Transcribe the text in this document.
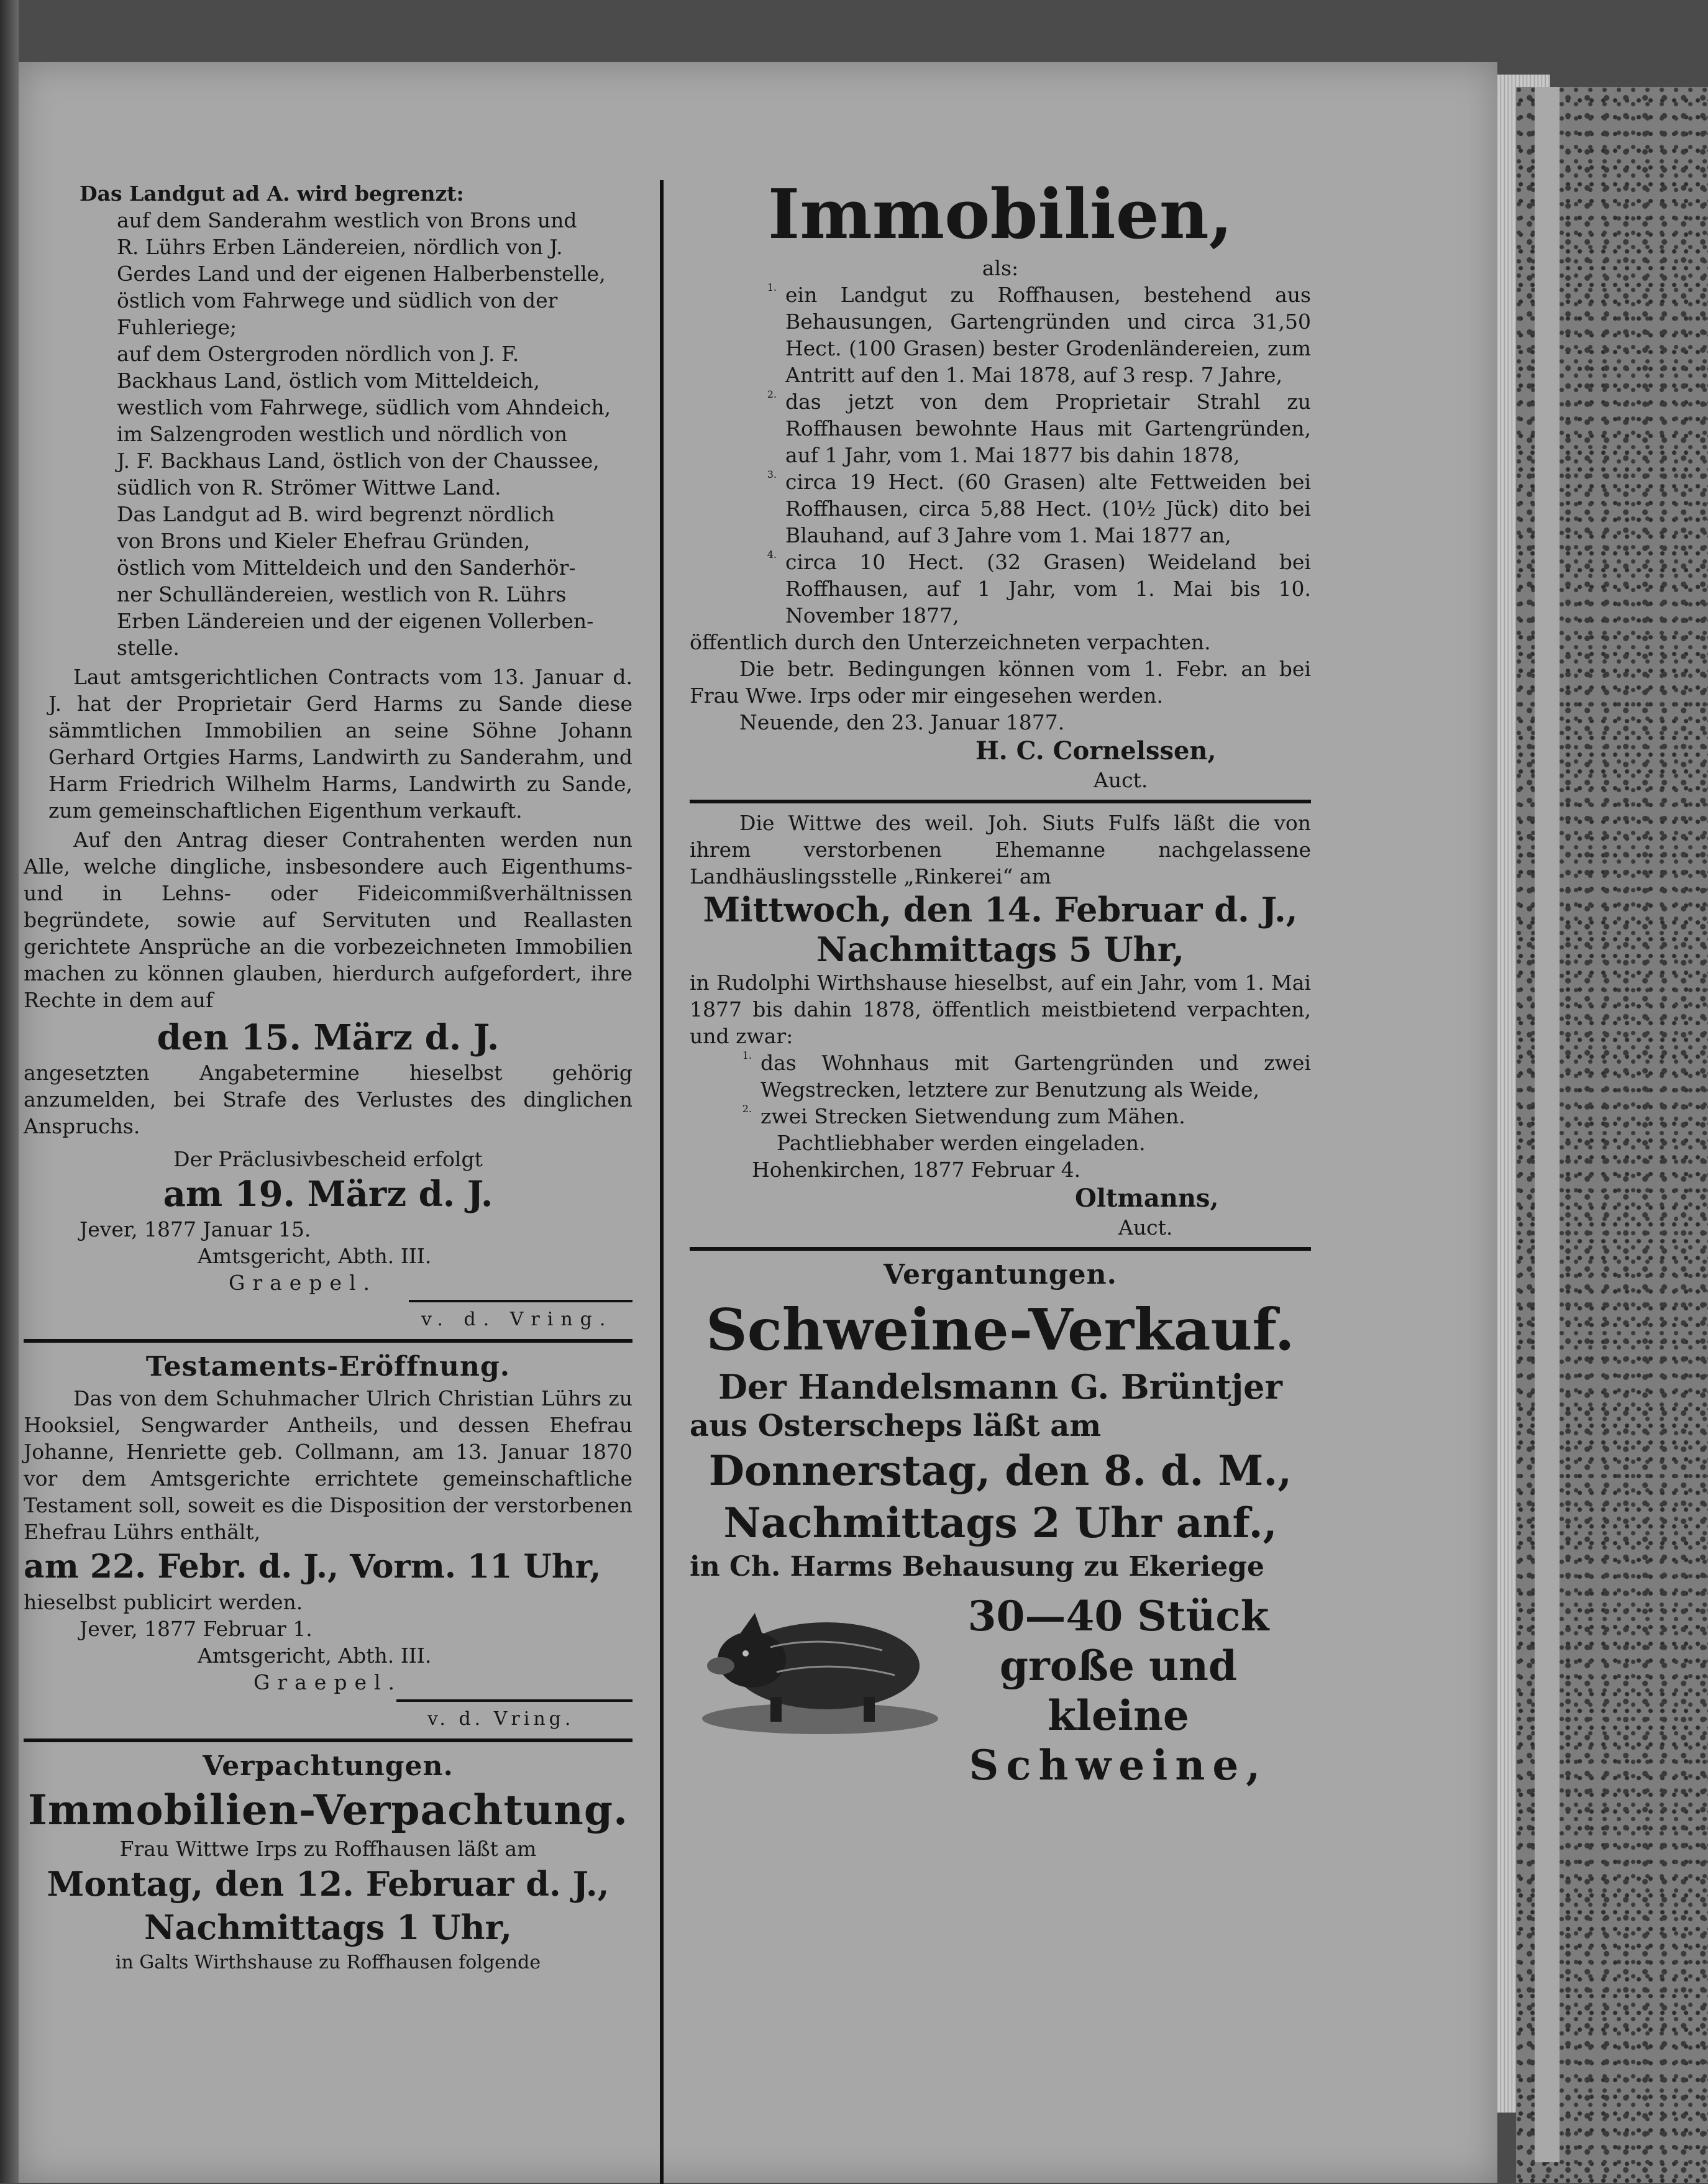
Das Landgut ad A. wird begrenzt:

auf dem Sanderahm westlich von Brons und

R. Lührs Erben Ländereien, nördlich von J.

Gerdes Land und der eigenen Halberbenstelle,

östlich vom Fahrwege und südlich von der

Fuhleriege;

auf dem Ostergroden nördlich von J. F.

Backhaus Land, östlich vom Mitteldeich,

westlich vom Fahrwege, südlich vom Ahndeich,

im Salzengroden westlich und nördlich von

J. F. Backhaus Land, östlich von der Chaussee,

südlich von R. Strömer Wittwe Land.

Das Landgut ad B. wird begrenzt nördlich

von Brons und Kieler Ehefrau Gründen,

östlich vom Mitteldeich und den Sanderhör-

ner Schulländereien, westlich von R. Lührs

Erben Ländereien und der eigenen Vollerben-

stelle.

Laut amtsgerichtlichen Contracts vom 13. Januar d. J. hat der Proprietair Gerd Harms zu Sande diese sämmtlichen Immobilien an seine Söhne Johann Gerhard Ortgies Harms, Landwirth zu Sanderahm, und Harm Friedrich Wilhelm Harms, Landwirth zu Sande, zum gemeinschaftlichen Eigenthum verkauft.

Auf den Antrag dieser Contrahenten werden nun Alle, welche dingliche, insbesondere auch Eigenthums- und in Lehns- oder Fideicommißverhältnissen begründete, sowie auf Servituten und Reallasten gerichtete Ansprüche an die vorbezeichneten Immobilien machen zu können glauben, hierdurch aufgefordert, ihre Rechte in dem auf

den 15. März d. J.

angesetzten Angabetermine hieselbst gehörig anzumelden, bei Strafe des Verlustes des dinglichen Anspruchs.

Der Präclusivbescheid erfolgt

am 19. März d. J.

Jever, 1877 Januar 15.

Amtsgericht, Abth. III.

Graepel.

v. d. Vring.

Testaments-Eröffnung.

Das von dem Schuhmacher Ulrich Christian Lührs zu Hooksiel, Sengwarder Antheils, und dessen Ehefrau Johanne, Henriette geb. Collmann, am 13. Januar 1870 vor dem Amtsgerichte errichtete gemeinschaftliche Testament soll, soweit es die Disposition der verstorbenen Ehefrau Lührs enthält,

am 22. Febr. d. J., Vorm. 11 Uhr,

hieselbst publicirt werden.

Jever, 1877 Februar 1.

Amtsgericht, Abth. III.

Graepel.

v. d. Vring.

Verpachtungen.

Immobilien-Verpachtung.

Frau Wittwe Irps zu Roffhausen läßt am

Montag, den 12. Februar d. J.,

Nachmittags 1 Uhr,

in Galts Wirthshause zu Roffhausen folgende

Immobilien,

als:

1. ein Landgut zu Roffhausen, bestehend aus Behausungen, Gartengründen und circa 31,50 Hect. (100 Grasen) bester Grodenländereien, zum Antritt auf den 1. Mai 1878, auf 3 resp. 7 Jahre,

2. das jetzt von dem Proprietair Strahl zu Roffhausen bewohnte Haus mit Gartengründen, auf 1 Jahr, vom 1. Mai 1877 bis dahin 1878,

3. circa 19 Hect. (60 Grasen) alte Fettweiden bei Roffhausen, circa 5,88 Hect. (10½ Jück) dito bei Blauhand, auf 3 Jahre vom 1. Mai 1877 an,

4. circa 10 Hect. (32 Grasen) Weideland bei Roffhausen, auf 1 Jahr, vom 1. Mai bis 10. November 1877,

öffentlich durch den Unterzeichneten verpachten.

Die betr. Bedingungen können vom 1. Febr. an bei Frau Wwe. Irps oder mir eingesehen werden.

Neuende, den 23. Januar 1877.

H. C. Cornelssen,

Auct.

Die Wittwe des weil. Joh. Siuts Fulfs läßt die von ihrem verstorbenen Ehemanne nachgelassene Landhäuslingsstelle „Rinkerei“ am

Mittwoch, den 14. Februar d. J.,

Nachmittags 5 Uhr,

in Rudolphi Wirthshause hieselbst, auf ein Jahr, vom 1. Mai 1877 bis dahin 1878, öffentlich meistbietend verpachten, und zwar:

1. das Wohnhaus mit Gartengründen und zwei Wegstrecken, letztere zur Benutzung als Weide,

2. zwei Strecken Sietwendung zum Mähen.

Pachtliebhaber werden eingeladen.

Hohenkirchen, 1877 Februar 4.

Oltmanns,

Auct.

Vergantungen.

Schweine-Verkauf.

Der Handelsmann G. Brüntjer

aus Osterscheps läßt am

Donnerstag, den 8. d. M.,

Nachmittags 2 Uhr anf.,

in Ch. Harms Behausung zu Ekeriege

30—40 Stück

große und kleine

Schweine,
